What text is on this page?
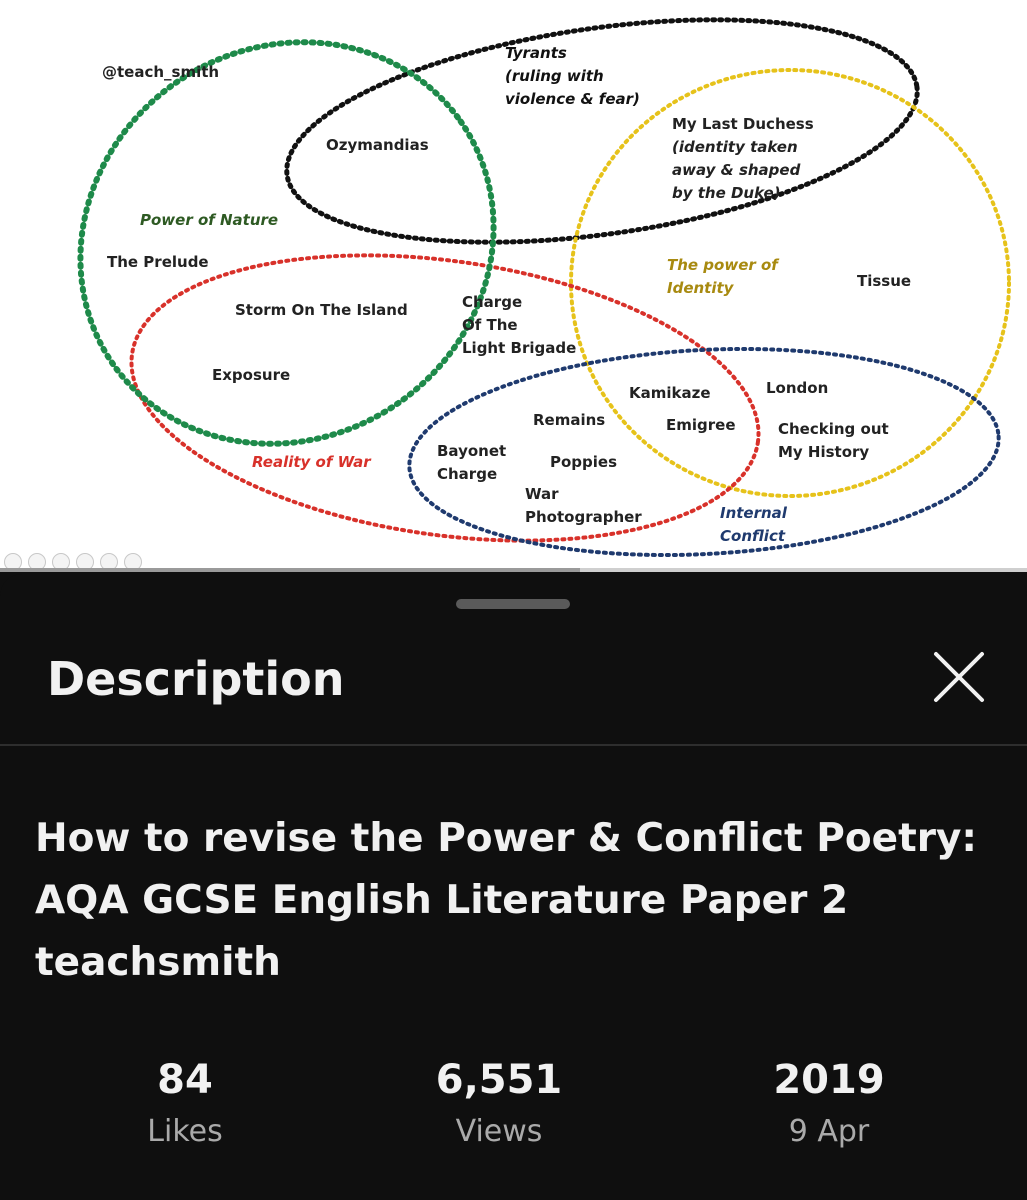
@teach_smith
Tyrants
(ruling with
violence & fear)
Ozymandias
My Last Duchess
(identity taken
away & shaped
by the Duke)
Power of Nature
The Prelude	The power of
Identity	Tissue
Storm On The Island	Charge
Of The
Light Brigade
Exposure
Kamikaze	London
Remains	Emigree	Checking out
My History
Bayonet
Charge
Reality of War	Poppies
War
Photographer	Internal
Conflict
Description
How to revise the Power & Conflict Poetry:
AQA GCSE English Literature Paper 2
teachsmith
84
Likes
6,551
Views
2019
9 Apr
